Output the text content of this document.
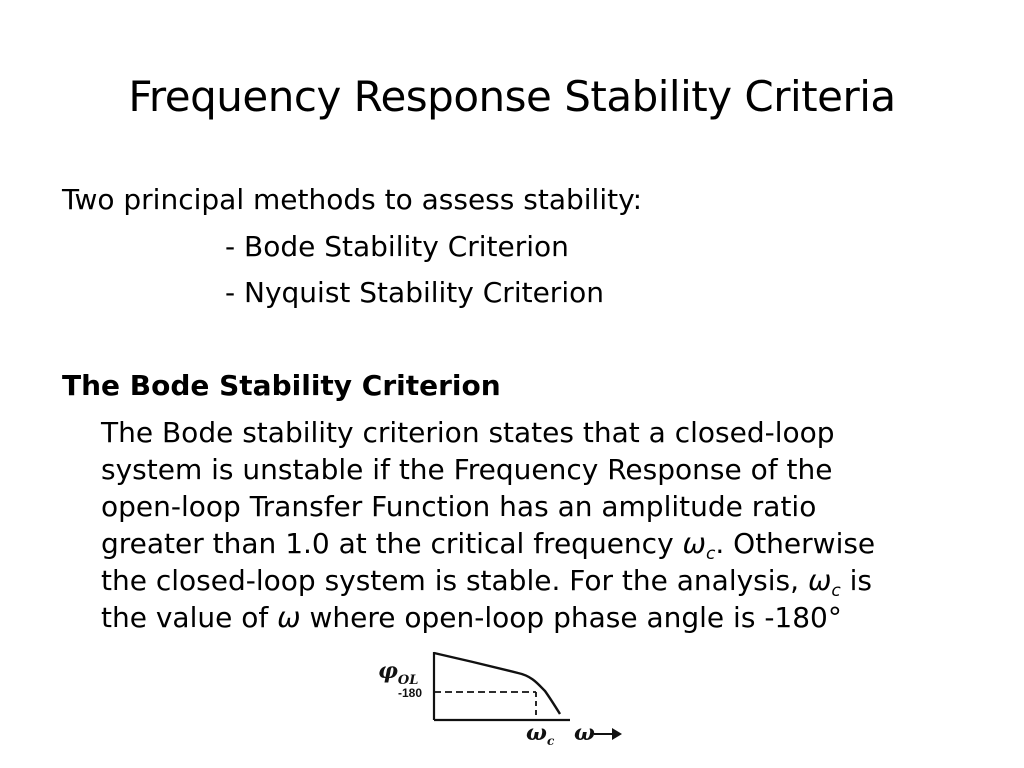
Frequency Response Stability Criteria
Two principal methods to assess stability:
- Bode Stability Criterion
- Nyquist Stability Criterion
The Bode Stability Criterion
The Bode stability criterion states that a closed-loop
system is unstable if the Frequency Response of the
open-loop Transfer Function has an amplitude ratio
greater than 1.0 at the critical frequency $\omega_c$. Otherwise
the closed-loop system is stable. For the analysis, $\omega_c$ is
the value of ω where open-loop phase angle is -180°
$\varphi_{OL}$
-180
$\omega_c$ ω
